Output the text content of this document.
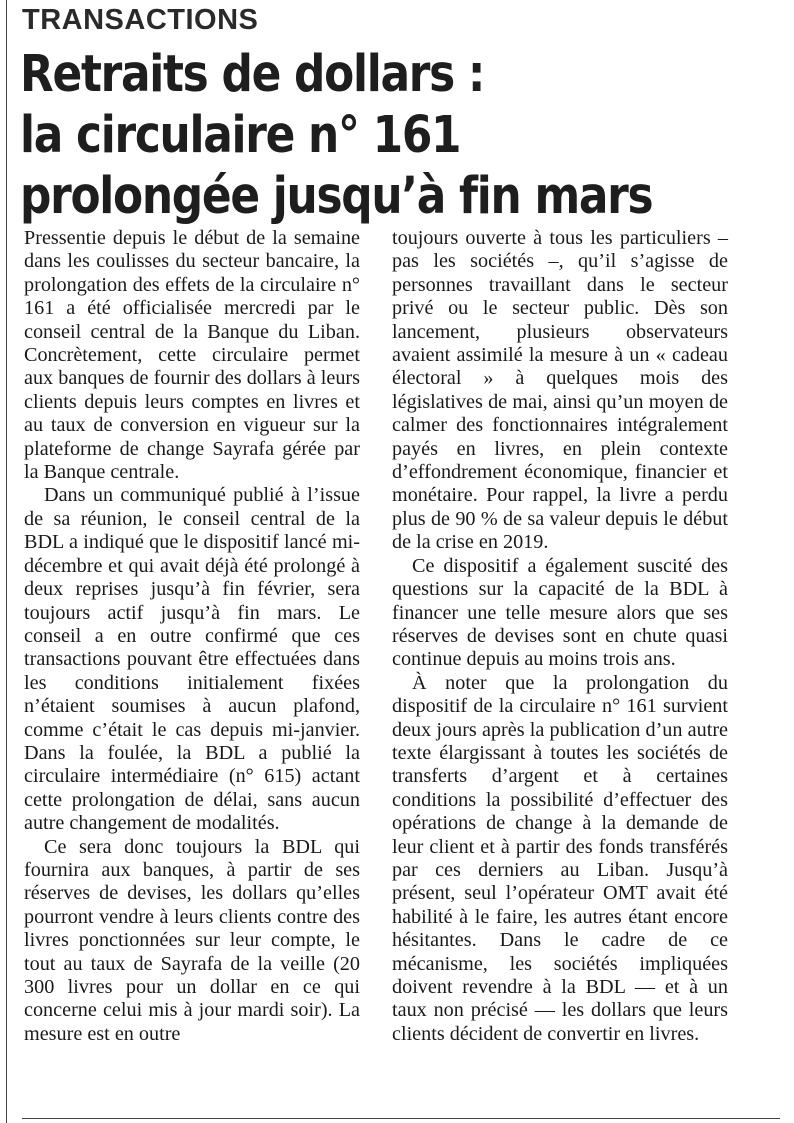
TRANSACTIONS
Retraits de dollars :
la circulaire n° 161
prolongée jusqu’à fin mars

Pressentie depuis le début de la semaine dans les coulisses du secteur bancaire, la prolongation des effets de la circulaire n° 161 a été officialisée mercredi par le conseil central de la Banque du Liban. Concrètement, cette circulaire permet aux banques de fournir des dollars à leurs clients depuis leurs comptes en livres et au taux de conversion en vigueur sur la plateforme de change Sayrafa gérée par la Banque centrale.

Dans un communiqué publié à l’issue de sa réunion, le conseil central de la BDL a indiqué que le dispositif lancé mi-décembre et qui avait déjà été prolongé à deux reprises jusqu’à fin février, sera toujours actif jusqu’à fin mars. Le conseil a en outre confirmé que ces transactions pouvant être effectuées dans les conditions initialement fixées n’étaient soumises à aucun plafond, comme c’était le cas depuis mi-janvier. Dans la foulée, la BDL a publié la circulaire intermédiaire (n° 615) actant cette prolongation de délai, sans aucun autre changement de modalités.

Ce sera donc toujours la BDL qui fournira aux banques, à partir de ses réserves de devises, les dollars qu’elles pourront vendre à leurs clients contre des livres ponctionnées sur leur compte, le tout au taux de Sayrafa de la veille (20 300 livres pour un dollar en ce qui concerne celui mis à jour mardi soir). La mesure est en outre

toujours ouverte à tous les particuliers – pas les sociétés –, qu’il s’agisse de personnes travaillant dans le secteur privé ou le secteur public. Dès son lancement, plusieurs observateurs avaient assimilé la mesure à un « cadeau électoral » à quelques mois des législatives de mai, ainsi qu’un moyen de calmer des fonctionnaires intégralement payés en livres, en plein contexte d’effondrement économique, financier et monétaire. Pour rappel, la livre a perdu plus de 90 % de sa valeur depuis le début de la crise en 2019.

Ce dispositif a également suscité des questions sur la capacité de la BDL à financer une telle mesure alors que ses réserves de devises sont en chute quasi continue depuis au moins trois ans.

À noter que la prolongation du dispositif de la circulaire n° 161 survient deux jours après la publication d’un autre texte élargissant à toutes les sociétés de transferts d’argent et à certaines conditions la possibilité d’effectuer des opérations de change à la demande de leur client et à partir des fonds transférés par ces derniers au Liban. Jusqu’à présent, seul l’opérateur OMT avait été habilité à le faire, les autres étant encore hésitantes. Dans le cadre de ce mécanisme, les sociétés impliquées doivent revendre à la BDL — et à un taux non précisé — les dollars que leurs clients décident de convertir en livres.
